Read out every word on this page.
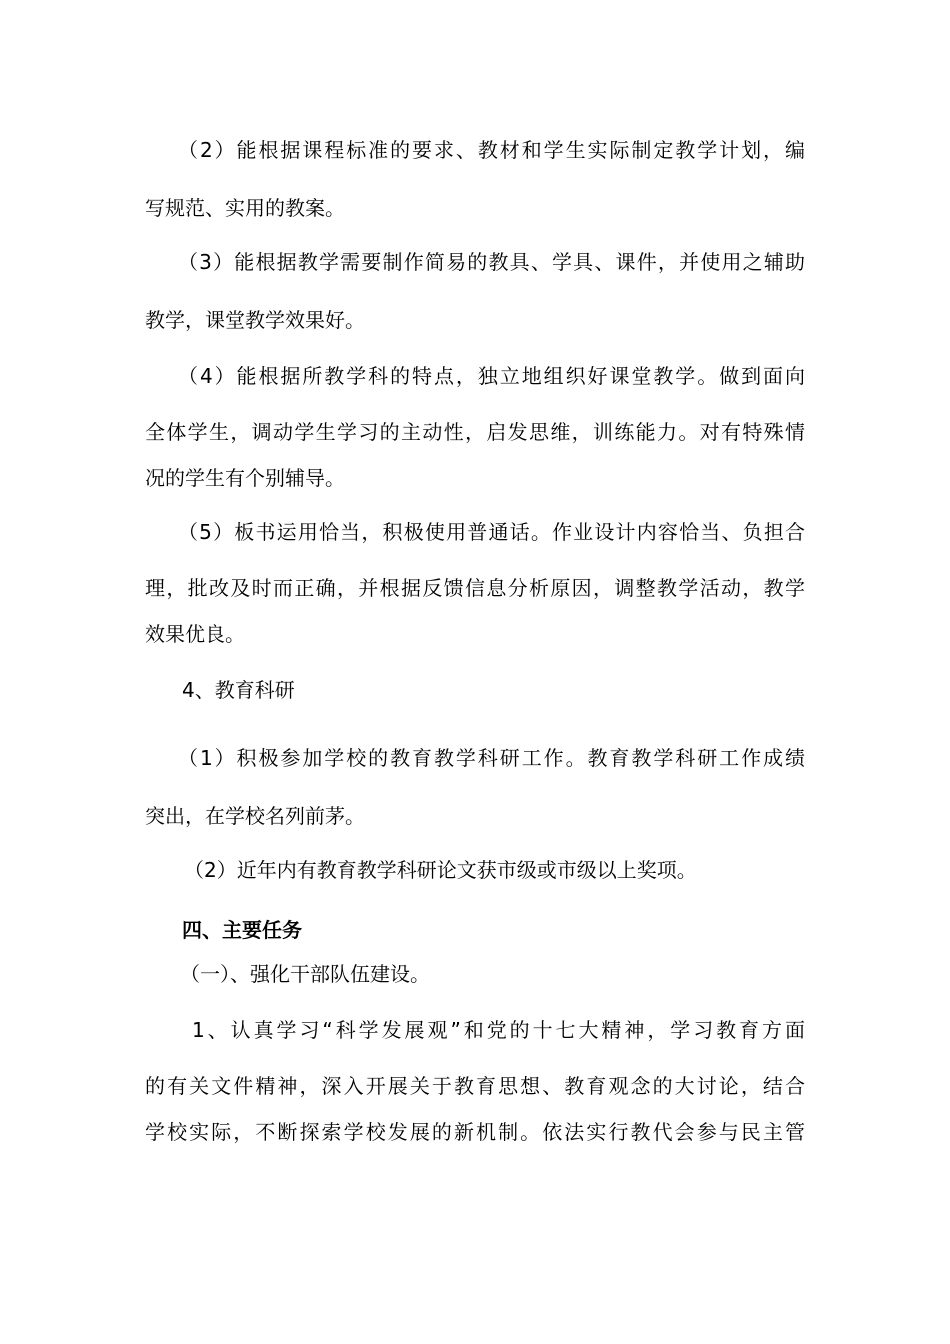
（2）能根据课程标准的要求、教材和学生实际制定教学计划，编
写规范、实用的教案。
（3）能根据教学需要制作简易的教具、学具、课件，并使用之辅助
教学，课堂教学效果好。
（4）能根据所教学科的特点，独立地组织好课堂教学。做到面向
全体学生，调动学生学习的主动性，启发思维，训练能力。对有特殊情
况的学生有个别辅导。
（5）板书运用恰当，积极使用普通话。作业设计内容恰当、负担合
理，批改及时而正确，并根据反馈信息分析原因，调整教学活动，教学
效果优良。
4、教育科研
（1）积极参加学校的教育教学科研工作。教育教学科研工作成绩
突出，在学校名列前茅。
（2）近年内有教育教学科研论文获市级或市级以上奖项。
四、主要任务
（一）、强化干部队伍建设。
1、认真学习“科学发展观”和党的十七大精神，学习教育方面
的有关文件精神，深入开展关于教育思想、教育观念的大讨论，结合
学校实际，不断探索学校发展的新机制。依法实行教代会参与民主管
